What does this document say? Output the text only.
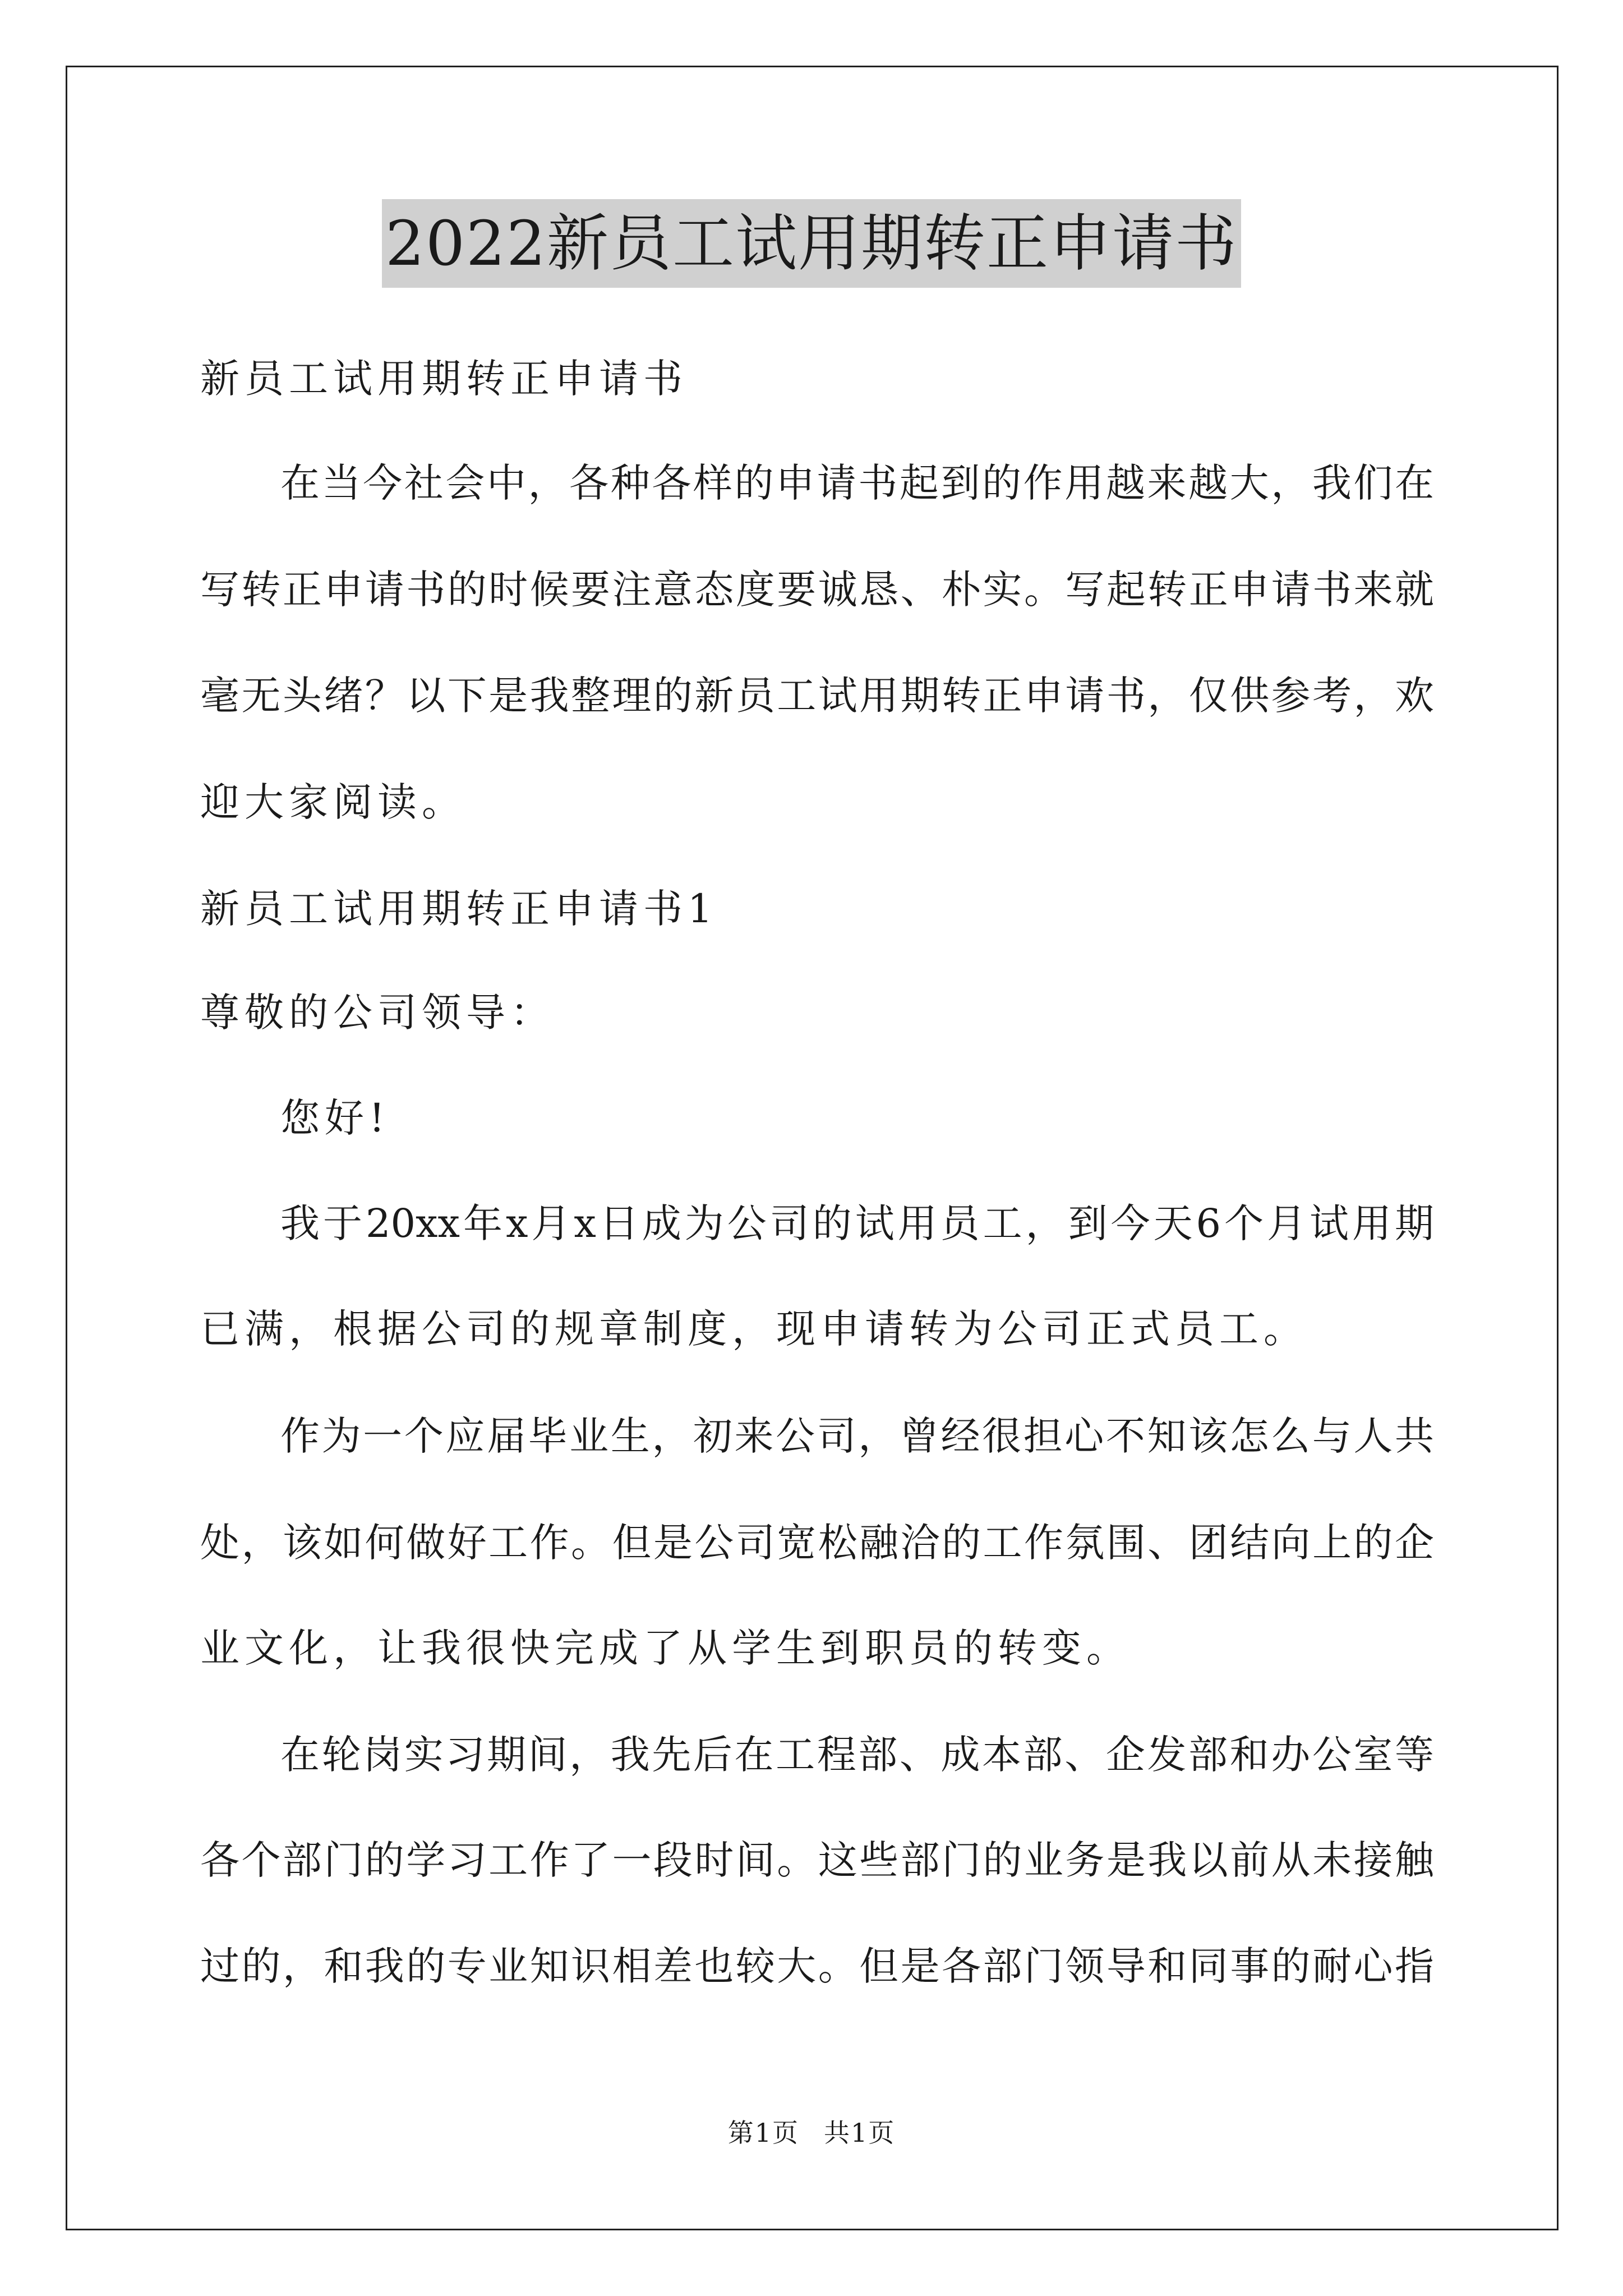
2022新员工试用期转正申请书
新员工试用期转正申请书
在当今社会中，各种各样的申请书起到的作用越来越大，我们在
写转正申请书的时候要注意态度要诚恳、朴实。写起转正申请书来就
毫无头绪？以下是我整理的新员工试用期转正申请书，仅供参考，欢
迎大家阅读。
新员工试用期转正申请书1
尊敬的公司领导：
您好!
我于20xx年x月x日成为公司的试用员工，到今天6个月试用期
已满，根据公司的规章制度，现申请转为公司正式员工。
作为一个应届毕业生，初来公司，曾经很担心不知该怎么与人共
处，该如何做好工作。但是公司宽松融洽的工作氛围、团结向上的企
业文化，让我很快完成了从学生到职员的转变。
在轮岗实习期间，我先后在工程部、成本部、企发部和办公室等
各个部门的学习工作了一段时间。这些部门的业务是我以前从未接触
过的，和我的专业知识相差也较大。但是各部门领导和同事的耐心指
第1页 共1页
